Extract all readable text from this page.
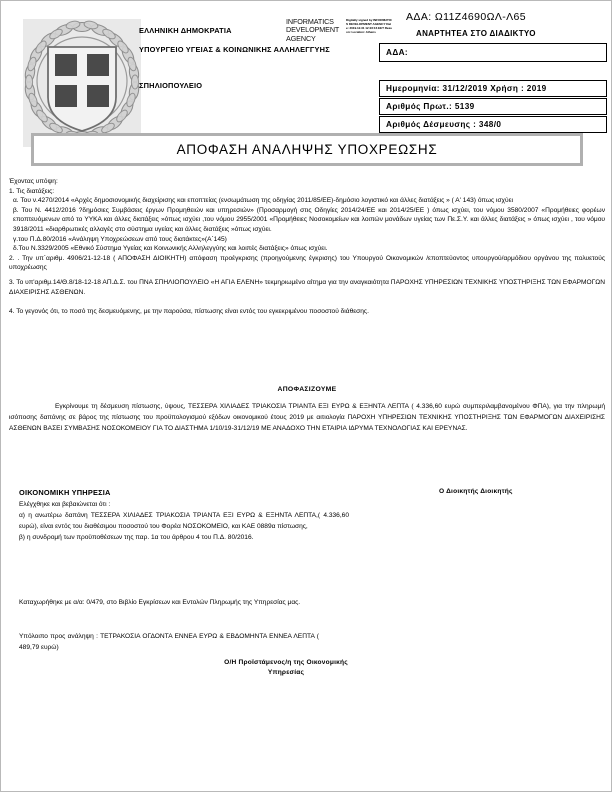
ΕΛΛΗΝΙΚΗ ΔΗΜΟΚΡΑΤΙΑ
ΥΠΟΥΡΓΕΙΟ ΥΓΕΙΑΣ & ΚΟΙΝΩΝΙΚΗΣ ΑΛΛΗΛΕΓΓΥΗΣ
ΣΠΗΛΙΟΠΟΥΛΕΙΟ
INFORMATICS DEVELOPMENT AGENCY
Digitally signed by INFORMATICS DEVELOPMENT AGENCY Date: 2019.12.31 12:23:16 EET Reason: Location: Athens
ΑΔΑ: Ω11Ζ4690ΩΛ-Λ65
ΑΝΑΡΤΗΤΕΑ ΣΤΟ ΔΙΑΔΙΚΤΥΟ
ΑΔΑ:
Ημερομηνία: 31/12/2019 Χρήση : 2019
Αριθμός Πρωτ.: 5139
Αριθμός Δέσμευσης : 348/0
ΑΠΟΦΑΣΗ ΑΝΑΛΗΨΗΣ ΥΠΟΧΡΕΩΣΗΣ

Έχοντας υπόψη:

1. Τις διατάξεις:

α. Του ν.4270/2014 «Αρχές δημοσιονομικής διαχείρισης και εποπτείας (ενσωμάτωση της οδηγίας 2011/85/ΕΕ)-δημόσιο λογιστικό και άλλες διατάξεις » ( Α' 143) όπως ισχύει

β. Του Ν. 4412/2016 ?δημόσιες Συμβάσεις έργων Προμηθειών και υπηρεσιών» (Προσαρμογή στις Οδηγίες 2014/24/ΕΕ και 2014/25/ΕΕ ) όπως ισχύει, του νόμου 3580/2007 «Προμήθειες φορέων εποπτευόμενων από το ΥΥΚΑ και άλλες διατάξεις »όπως ισχύει ,του νόμου 2955/2001 «Προμήθειες Νοσοκομείων και λοιπών μονάδων υγείας των Πε.Σ.Υ. και άλλες διατάξεις » όπως ισχύει , του νόμου 3918/2011 «διαρθρωτικές αλλαγές στο σύστημα υγείας και άλλες διατάξεις »όπως ισχύει.

γ.του Π.Δ.80/2016 «Ανάληψη Υποχρεώσεων από τους διατάκτες»(Α΄145)

δ.Του Ν.3329/2005 «Εθνικό Σύστημα Υγείας και Κοινωνικής Αλληλεγγύης και λοιπές διατάξεις» όπως ισχύει.

2. . Την υπ΄αριθμ. 4906/21-12-18 ( ΑΠΟΦΑΣΗ ΔΙΟΙΚΗΤΗ) απόφαση προέγκρισης (προηγούμενης έγκρισης) του Υπουργού Οικονομικών /εποπτεύοντος υπουργού/αρμόδιου οργάνου της πολυετούς υποχρέωσης

3. Το υπ'αριθμ.14/Θ.8/18-12-18 ΑΠ.Δ.Σ. του ΠΝΑ ΣΠΗΛΙΟΠΟΥΛΕΙΟ «Η ΑΓΙΑ ΕΛΕΝΗ» τεκμηριωμένο αίτημα για την αναγκαιότητα ΠΑΡΟΧΗΣ ΥΠΗΡΕΣΙΩΝ ΤΕΧΝΙΚΗΣ ΥΠΟΣΤΗΡΙΞΗΣ ΤΩΝ ΕΦΑΡΜΟΓΩΝ ΔΙΑΧΕΙΡΙΣΗΣ ΑΣΘΕΝΩΝ.

4. Το γεγονός ότι, το ποσό της δεσμευόμενης, με την παρούσα, πίστωσης είναι εντός του εγκεκριμένου ποσοστού διάθεσης.

ΑΠΟΦΑΣΙΖΟΥΜΕ

Εγκρίνουμε τη δέσμευση πίστωσης, ύψους, ΤΕΣΣΕΡΑ ΧΙΛΙΑΔΕΣ ΤΡΙΑΚΟΣΙΑ ΤΡΙΑΝΤΑ ΕΞΙ ΕΥΡΩ & ΕΞΗΝΤΑ ΛΕΠΤΑ ( 4.336,60 ευρώ συμπεριλαμβανομένου ΦΠΑ), για την πληρωμή ισόποσης δαπάνης σε βάρος της πίστωσης του προϋπολογισμού εξόδων οικονομικού έτους 2019 με αιτιολογία ΠΑΡΟΧΗ ΥΠΗΡΕΣΙΩΝ ΤΕΧΝΙΚΗΣ ΥΠΟΣΤΗΡΙΞΗΣ ΤΩΝ ΕΦΑΡΜΟΓΩΝ ΔΙΑΧΕΙΡΙΣΗΣ ΑΣΘΕΝΩΝ ΒΑΣΕΙ ΣΥΜΒΑΣΗΣ ΝΟΣΟΚΟΜΕΙΟΥ ΓΙΑ ΤΟ ΔΙΑΣΤΗΜΑ 1/10/19-31/12/19 ΜΕ ΑΝΑΔΟΧΟ ΤΗΝ ΕΤΑΙΡΙΑ ΙΔΡΥΜΑ ΤΕΧΝΟΛΟΓΙΑΣ ΚΑΙ ΕΡΕΥΝΑΣ.

ΟΙΚΟΝΟΜΙΚΗ ΥΠΗΡΕΣΙΑ	Ο Διοικητής Διοικητής

Ελέγχθηκε και βεβαιώνεται ότι :

α) η ανωτέρω δαπάνη ΤΕΣΣΕΡΑ ΧΙΛΙΑΔΕΣ ΤΡΙΑΚΟΣΙΑ ΤΡΙΑΝΤΑ ΕΞΙ ΕΥΡΩ & ΕΞΗΝΤΑ ΛΕΠΤΑ,( 4.336,60 ευρώ), είναι εντός του διαθέσιμου ποσοστού του Φορέα ΝΟΣΟΚΟΜΕΙΟ, και ΚΑΕ 0889α πίστωσης,

β) η συνδρομή των προϋποθέσεων της παρ. 1α του άρθρου 4 του Π.Δ. 80/2016.

Καταχωρήθηκε με α/α: 0/479, στο Βιβλίο Εγκρίσεων και Εντολών Πληρωμής της Υπηρεσίας μας.

Υπόλοιπο προς ανάληψη : ΤΕΤΡΑΚΟΣΙΑ ΟΓΔΟΝΤΑ ΕΝΝΕΑ ΕΥΡΩ & ΕΒΔΟΜΗΝΤΑ ΕΝΝΕΑ ΛΕΠΤΑ ( 489,79 ευρώ)

Ο/Η Προϊστάμενος/η της Οικονομικής
Υπηρεσίας
